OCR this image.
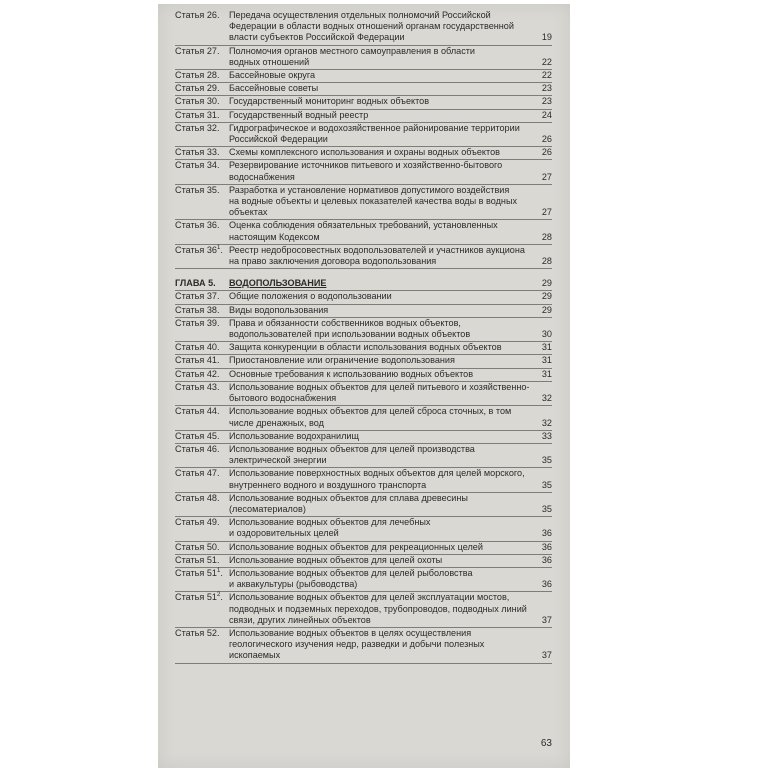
Статья 26.	Передача осуществления отдельных полномочий Российской
Федерации в области водных отношений органам государственной
власти субъектов Российской Федерации	19
Статья 27.	Полномочия органов местного самоуправления в области
водных отношений	22
Статья 28.	Бассейновые округа	22
Статья 29.	Бассейновые советы	23
Статья 30.	Государственный мониторинг водных объектов	23
Статья 31.	Государственный водный реестр	24
Статья 32.	Гидрографическое и водохозяйственное районирование территории
Российской Федерации	26
Статья 33.	Схемы комплексного использования и охраны водных объектов	26
Статья 34.	Резервирование источников питьевого и хозяйственно-бытового
водоснабжения	27
Статья 35.	Разработка и установление нормативов допустимого воздействия
на водные объекты и целевых показателей качества воды в водных
объектах	27
Статья 36.	Оценка соблюдения обязательных требований, установленных
настоящим Кодексом	28
Статья $36^1$. Реестр недобросовестных водопользователей и участников аукциона
на право заключения договора водопользования	28
ГЛАВА 5.	ВОДОПОЛЬЗОВАНИЕ	29
Статья 37.	Общие положения о водопользовании	29
Статья 38.	Виды водопользования	29
Статья 39.	Права и обязанности собственников водных объектов,
водопользователей при использовании водных объектов	30
Статья 40.	Защита конкуренции в области использования водных объектов	31
Статья 41.	Приостановление или ограничение водопользования	31
Статья 42.	Основные требования к использованию водных объектов	31
Статья 43.	Использование водных объектов для целей питьевого и хозяйственно-
бытового водоснабжения	32
Статья 44.	Использование водных объектов для целей сброса сточных, в том
числе дренажных, вод	32
Статья 45.	Использование водохранилищ	33
Статья 46.	Использование водных объектов для целей производства
электрической энергии	35
Статья 47.	Использование поверхностных водных объектов для целей морского,
внутреннего водного и воздушного транспорта	35
Статья 48.	Использование водных объектов для сплава древесины
(лесоматериалов)	35
Статья 49.	Использование водных объектов для лечебных
и оздоровительных целей	36
Статья 50.	Использование водных объектов для рекреационных целей	36
Статья 51.	Использование водных объектов для целей охоты	36
Статья $51^1$. Использование водных объектов для целей рыболовства
и аквакультуры (рыбоводства)	36
Статья $51^2$. Использование водных объектов для целей эксплуатации мостов,
подводных и подземных переходов, трубопроводов, подводных линий
связи, других линейных объектов	37
Статья 52.	Использование водных объектов в целях осуществления
геологического изучения недр, разведки и добычи полезных
ископаемых	37
63
